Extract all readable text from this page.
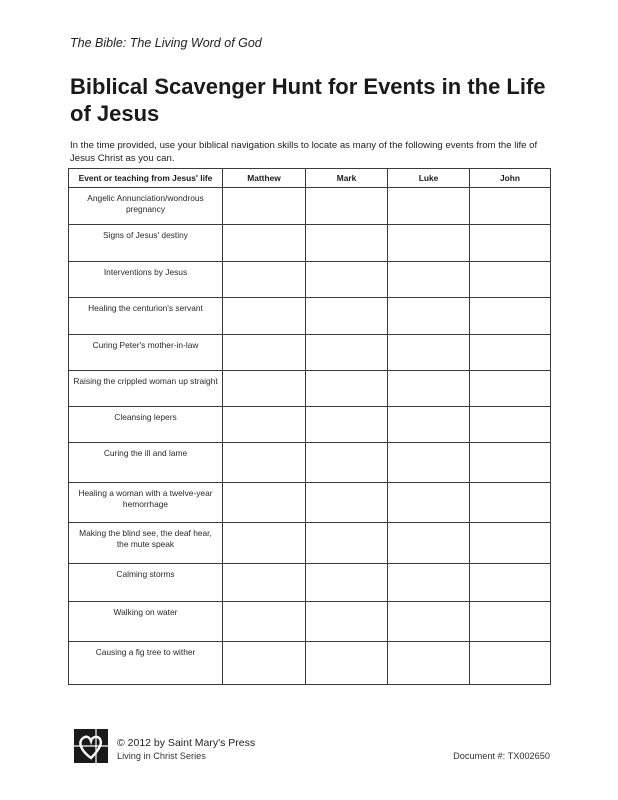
The Bible: The Living Word of God
Biblical Scavenger Hunt for Events in the Life of Jesus

In the time provided, use your biblical navigation skills to locate as many of the following events from the life of Jesus Christ as you can.

Event or teaching from Jesus' life	Matthew	Mark	Luke	John
Angelic Annunciation/wondrous pregnancy				
Signs of Jesus' destiny				
Interventions by Jesus				
Healing the centurion's servant				
Curing Peter's mother-in-law				
Raising the crippled woman up straight				
Cleansing lepers				
Curing the ill and lame				
Healing a woman with a twelve-year hemorrhage				
Making the blind see, the deaf hear, the mute speak				
Calming storms				
Walking on water				
Causing a fig tree to wither				
© 2012 by Saint Mary's Press
Living in Christ Series	Document #: TX002650
